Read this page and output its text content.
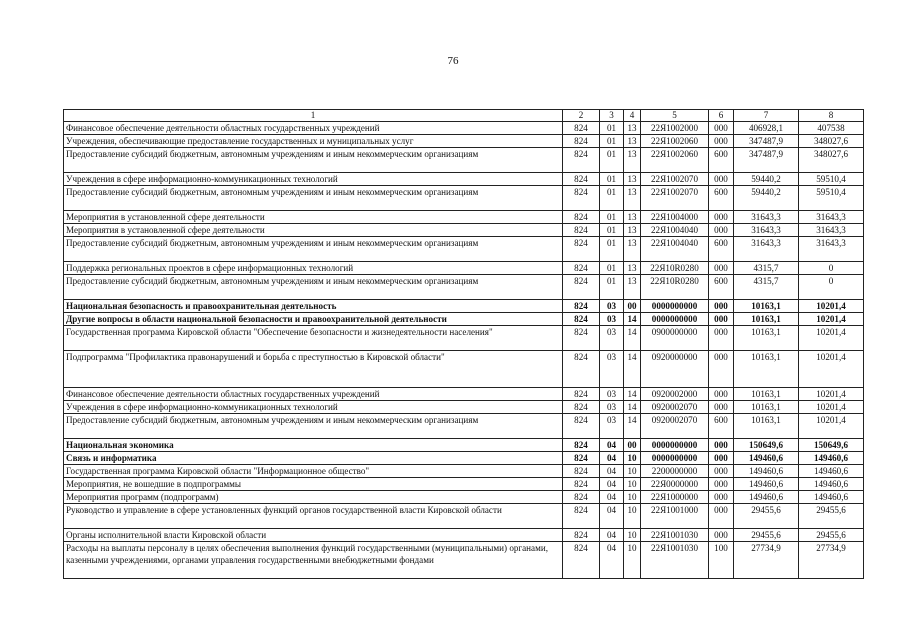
76
1	2	3	4	5	6	7	8
Финансовое обеспечение деятельности областных государственных учреждений	824	01	13	22Я1002000	000	406928,1	407538
Учреждения, обеспечивающие предоставление государственных и муниципальных услуг	824	01	13	22Я1002060	000	347487,9	348027,6
Предоставление субсидий бюджетным, автономным учреждениям и иным некоммерческим организациям	824	01	13	22Я1002060	600	347487,9	348027,6
Учреждения в сфере информационно-коммуникационных технологий	824	01	13	22Я1002070	000	59440,2	59510,4
Предоставление субсидий бюджетным, автономным учреждениям и иным некоммерческим организациям	824	01	13	22Я1002070	600	59440,2	59510,4
Мероприятия в установленной сфере деятельности	824	01	13	22Я1004000	000	31643,3	31643,3
Мероприятия в установленной сфере деятельности	824	01	13	22Я1004040	000	31643,3	31643,3
Предоставление субсидий бюджетным, автономным учреждениям и иным некоммерческим организациям	824	01	13	22Я1004040	600	31643,3	31643,3
Поддержка региональных проектов в сфере информационных технологий	824	01	13	22Я10R0280	000	4315,7	0
Предоставление субсидий бюджетным, автономным учреждениям и иным некоммерческим организациям	824	01	13	22Я10R0280	600	4315,7	0
Национальная безопасность и правоохранительная деятельность	824	03	00	0000000000	000	10163,1	10201,4
Другие вопросы в области национальной безопасности и правоохранительной деятельности	824	03	14	0000000000	000	10163,1	10201,4
Государственная программа Кировской области "Обеспечение безопасности и жизнедеятельности населения"	824	03	14	0900000000	000	10163,1	10201,4
Подпрограмма "Профилактика правонарушений и борьба с преступностью в Кировской области"	824	03	14	0920000000	000	10163,1	10201,4
Финансовое обеспечение деятельности областных государственных учреждений	824	03	14	0920002000	000	10163,1	10201,4
Учреждения в сфере информационно-коммуникационных технологий	824	03	14	0920002070	000	10163,1	10201,4
Предоставление субсидий бюджетным, автономным учреждениям и иным некоммерческим организациям	824	03	14	0920002070	600	10163,1	10201,4
Национальная экономика	824	04	00	0000000000	000	150649,6	150649,6
Связь и информатика	824	04	10	0000000000	000	149460,6	149460,6
Государственная программа Кировской области "Информационное общество"	824	04	10	2200000000	000	149460,6	149460,6
Мероприятия, не вошедшие в подпрограммы	824	04	10	22Я0000000	000	149460,6	149460,6
Мероприятия программ (подпрограмм)	824	04	10	22Я1000000	000	149460,6	149460,6
Руководство и управление в сфере установленных функций органов государственной власти Кировской области	824	04	10	22Я1001000	000	29455,6	29455,6
Органы исполнительной власти Кировской области	824	04	10	22Я1001030	000	29455,6	29455,6
Расходы на выплаты персоналу в целях обеспечения выполнения функций государственными (муниципальными) органами, казенными учреждениями, органами управления государственными внебюджетными фондами	824	04	10	22Я1001030	100	27734,9	27734,9
